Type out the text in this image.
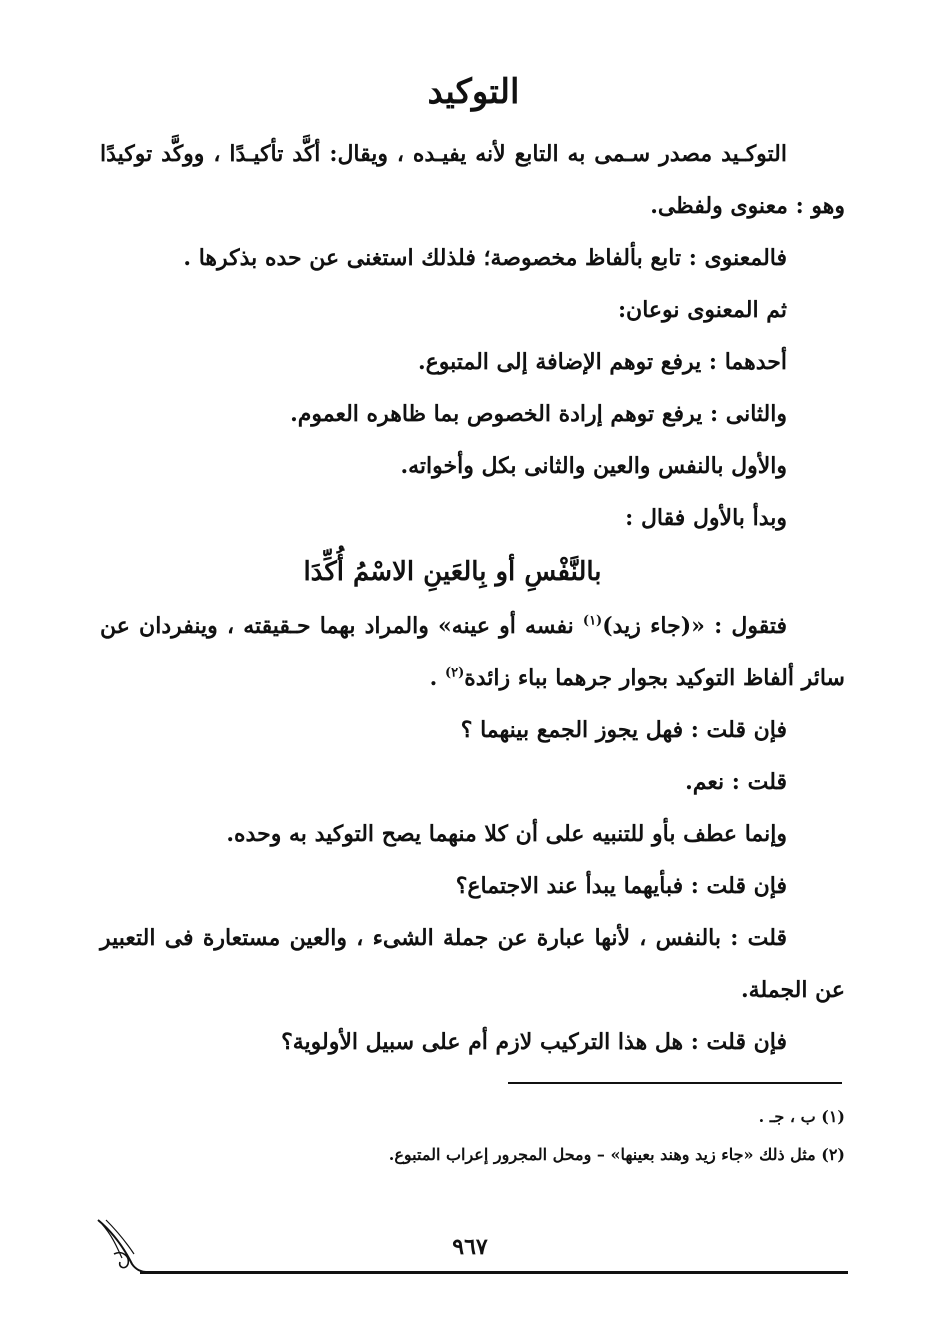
التوكيد

التوكـيد مصدر سـمى به التابع لأنه يفيـده ، ويقال: أكَّد تأكيـدًا ، ووكَّد توكيدًا وهو : معنوى ولفظى.

فالمعنوى : تابع بألفاظ مخصوصة؛ فلذلك استغنى عن حده بذكرها .

ثم المعنوى نوعان:

أحدهما : يرفع توهم الإضافة إلى المتبوع.

والثانى : يرفع توهم إرادة الخصوص بما ظاهره العموم.

والأول بالنفس والعين والثانى بكل وأخواته.

وبدأ بالأول فقال :

بالنَّفْسِ أو بِالعَينِ الاسْمُ أُكِّدَا

فتقول : «(جاء زيد)$^{(١)}$ نفسه أو عينه» والمراد بهما حـقيقته ، وينفردان عن سائر ألفاظ التوكيد بجوار جرهما بباء زائدة$^{(٢)}$ .

فإن قلت : فهل يجوز الجمع بينهما ؟

قلت : نعم.

وإنما عطف بأو للتنبيه على أن كلا منهما يصح التوكيد به وحده.

فإن قلت : فبأيهما يبدأ عند الاجتماع؟

قلت : بالنفس ، لأنها عبارة عن جملة الشىء ، والعين مستعارة فى التعبير عن الجملة.

فإن قلت : هل هذا التركيب لازم أم على سبيل الأولوية؟

(١) ب ، جـ .
(٢) مثل ذلك «جاء زيد وهند بعينها» – ومحل المجرور إعراب المتبوع.
٩٦٧
